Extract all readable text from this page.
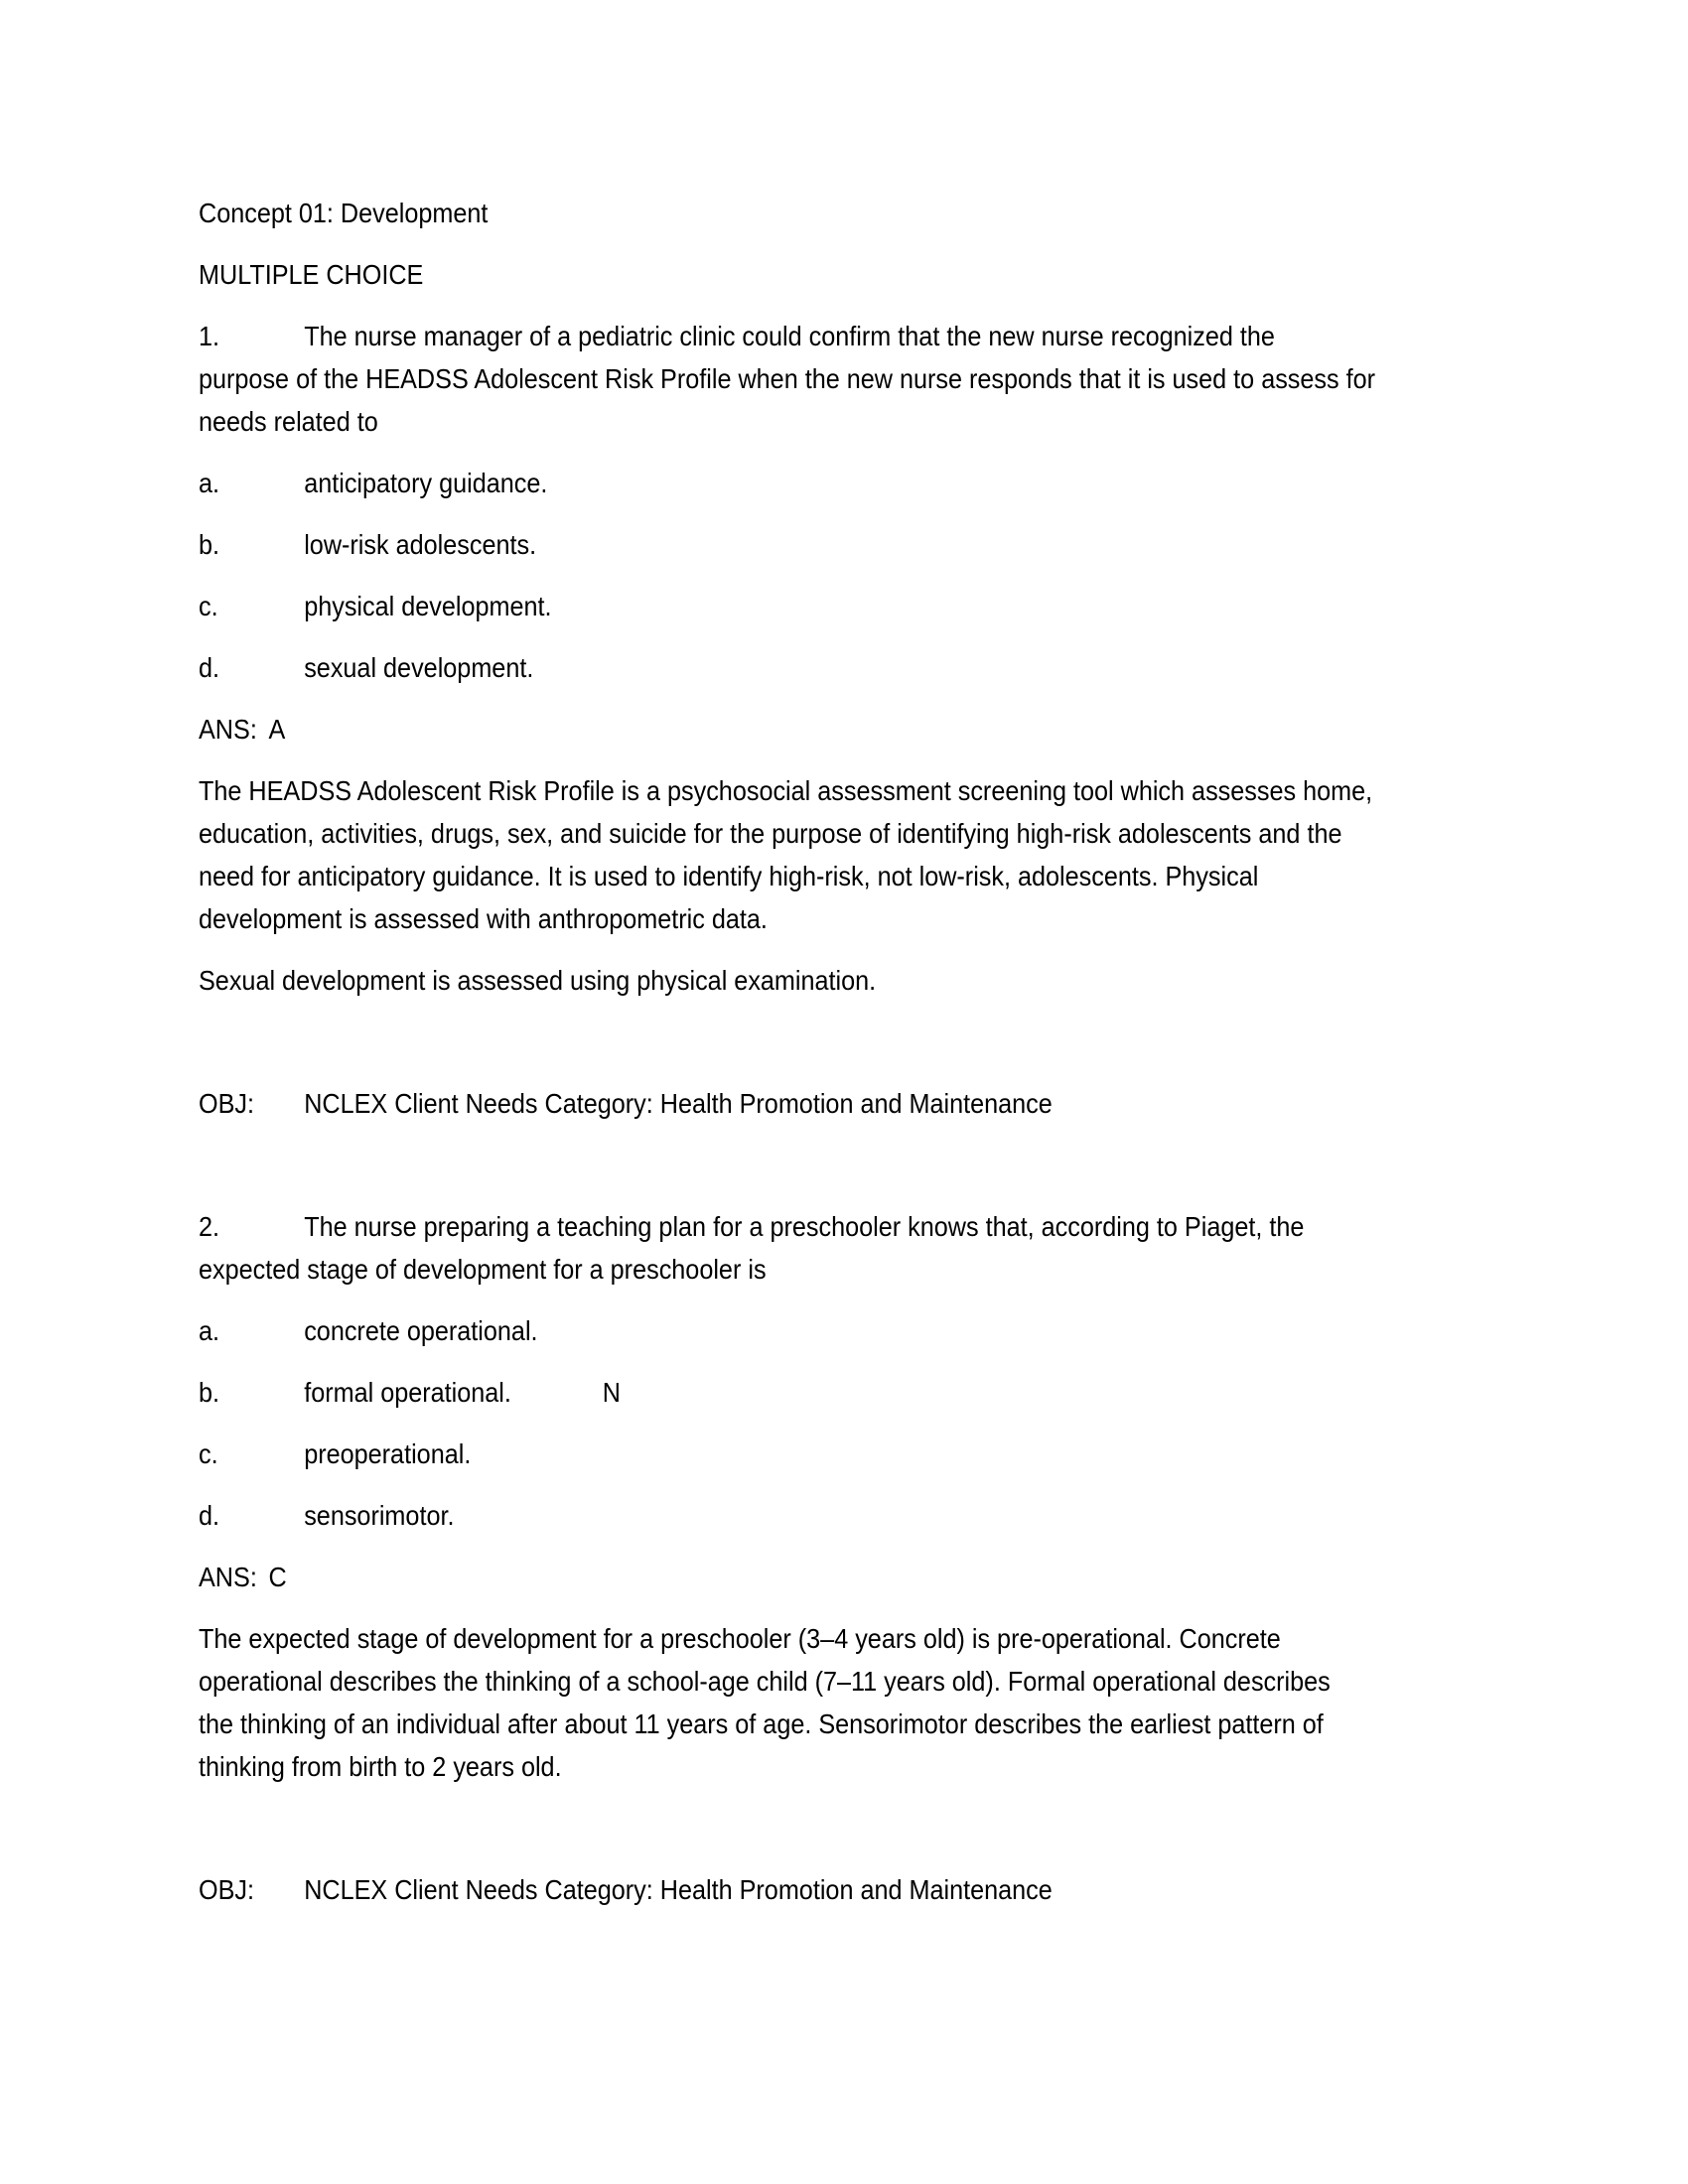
Concept 01: Development
MULTIPLE CHOICE
1.	The nurse manager of a pediatric clinic could confirm that the new nurse recognized the
purpose of the HEADSS Adolescent Risk Profile when the new nurse responds that it is used to assess for
needs related to
a.	anticipatory guidance.
b.	low-risk adolescents.
c.	physical development.
d.	sexual development.
ANS: A
The HEADSS Adolescent Risk Profile is a psychosocial assessment screening tool which assesses home,
education, activities, drugs, sex, and suicide for the purpose of identifying high-risk adolescents and the
need for anticipatory guidance. It is used to identify high-risk, not low-risk, adolescents. Physical
development is assessed with anthropometric data.
Sexual development is assessed using physical examination.
OBJ: NCLEX Client Needs Category: Health Promotion and Maintenance
2.	The nurse preparing a teaching plan for a preschooler knows that, according to Piaget, the
expected stage of development for a preschooler is
a.	concrete operational.
b.	formal operational.	N
c.	preoperational.
d.	sensorimotor.
ANS: C
The expected stage of development for a preschooler (3–4 years old) is pre-operational. Concrete
operational describes the thinking of a school-age child (7–11 years old). Formal operational describes
the thinking of an individual after about 11 years of age. Sensorimotor describes the earliest pattern of
thinking from birth to 2 years old.
OBJ: NCLEX Client Needs Category: Health Promotion and Maintenance
